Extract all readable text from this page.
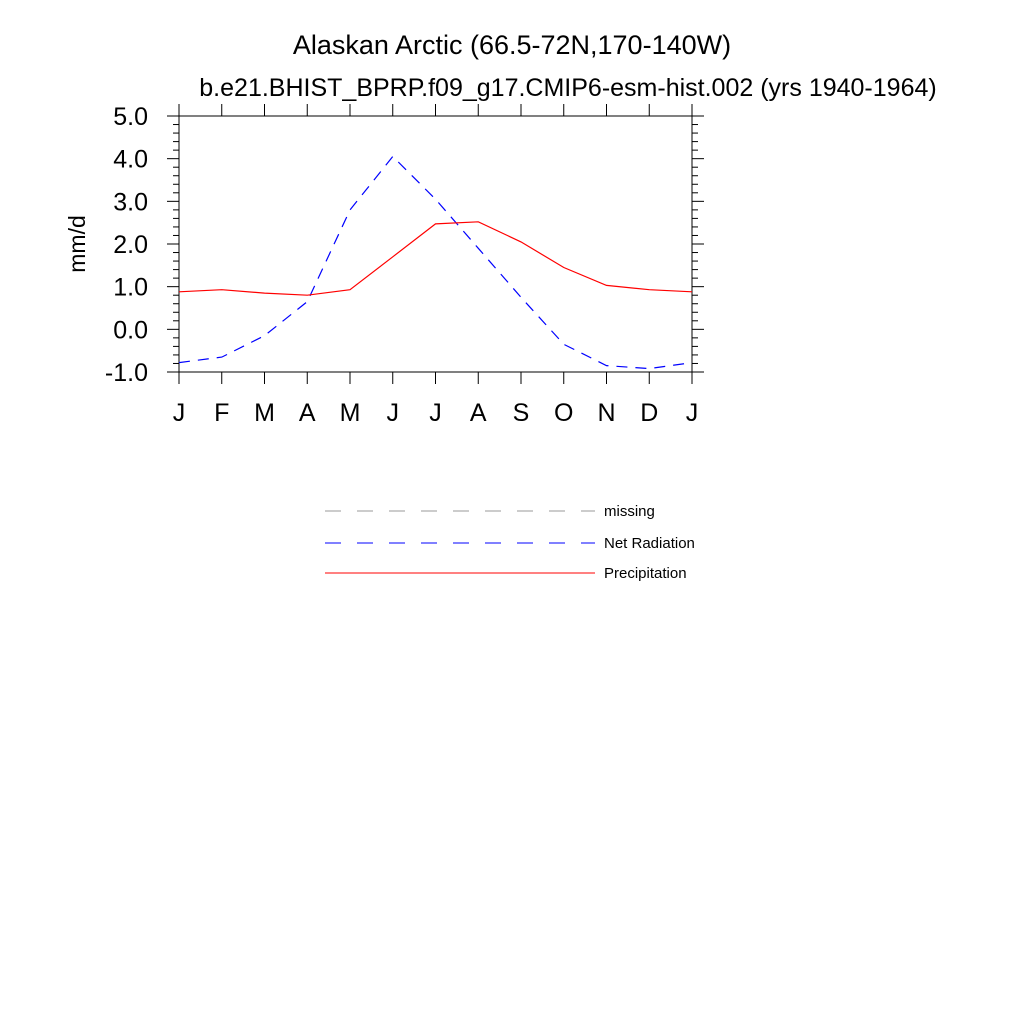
Alaskan Arctic (66.5-72N,170-140W)
b.e21.BHIST_BPRP.f09_g17.CMIP6-esm-hist.002 (yrs 1940-1964)
mm/d
-1.0
0.0
1.0
2.0
3.0
4.0
5.0
J F M A M J J A S O N D J
missing
Net Radiation
Precipitation
